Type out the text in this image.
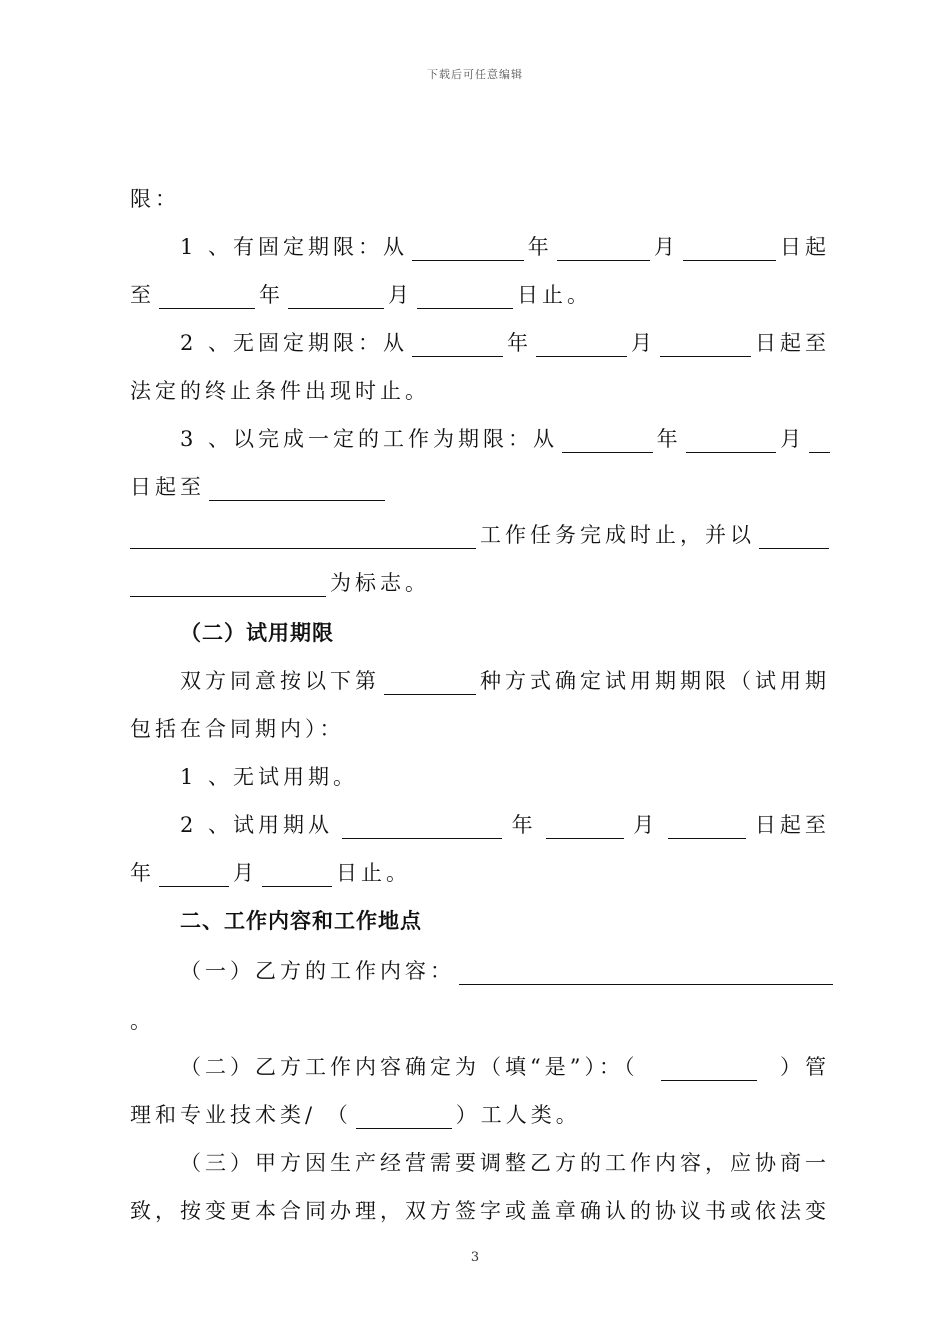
下载后可任意编辑
限：
1 、有固定期限：从	年	月	日起
至	年	月	日止。
2 、无固定期限：从	年	月	日起至
法定的终止条件出现时止。
3 、以完成一定的工作为期限：从	年	月
日起至
工作任务完成时止，并以
为标志。
（二）试用期限
双方同意按以下第	种方式确定试用期期限（试用期
包括在合同期内）：
1 、无试用期。
2 、试用期从	年	月	日起至
年	月	日止。
二、工作内容和工作地点
（一）乙方的工作内容：
。
（二）乙方工作内容确定为（填“是”）：（	）管
理和专业技术类/ （	）工人类。
（三）甲方因生产经营需要调整乙方的工作内容，应协商一
致，按变更本合同办理，双方签字或盖章确认的协议书或依法变
3
